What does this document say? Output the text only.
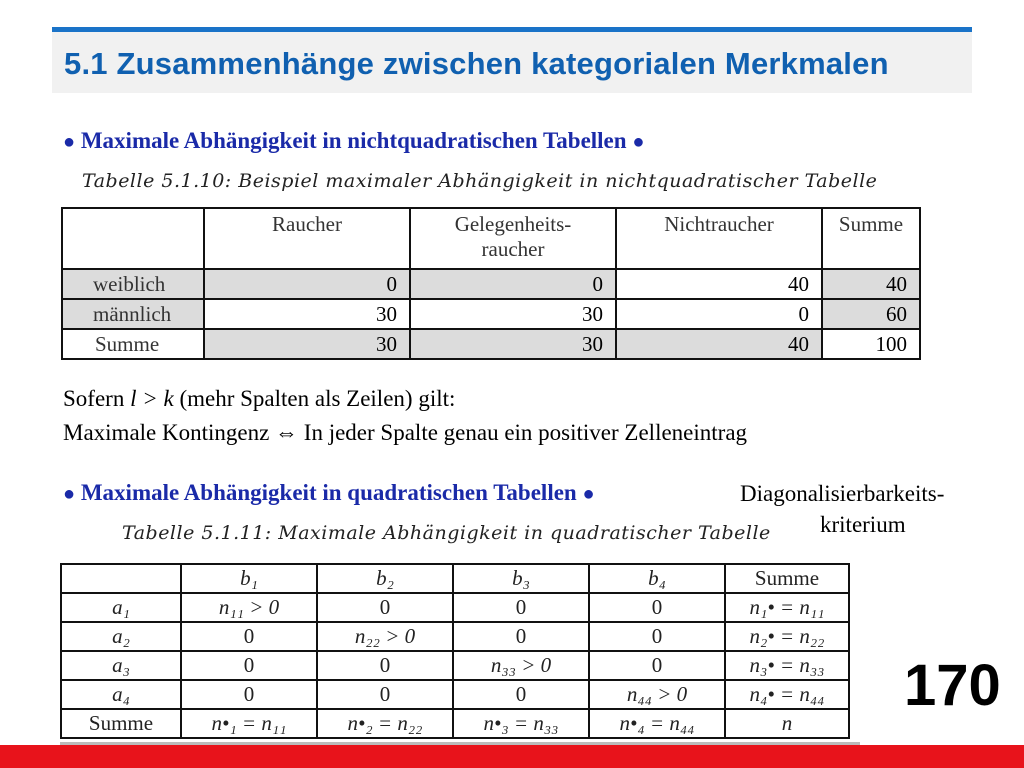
5.1 Zusammenhänge zwischen kategorialen Merkmalen
● Maximale Abhängigkeit in nichtquadratischen Tabellen ●
Tabelle 5.1.10: Beispiel maximaler Abhängigkeit in nichtquadratischer Tabelle
	Raucher	Gelegenheits-
raucher	Nichtraucher	Summe
weiblich	0	0	40	40
männlich	30	30	0	60
Summe	30	30	40	100
Sofern l > k (mehr Spalten als Zeilen) gilt:
Maximale Kontingenz ⇔ In jeder Spalte genau ein positiver Zelleneintrag
● Maximale Abhängigkeit in quadratischen Tabellen ●	Diagonalisierbarkeits-
kriterium
Tabelle 5.1.11: Maximale Abhängigkeit in quadratischer Tabelle
	b₁	b₂	b₃	b₄	Summe
a₁	n₁₁ > 0	0	0	0	n₁• = n₁₁
a₂	0	n₂₂ > 0	0	0	n₂• = n₂₂
a₃	0	0	n₃₃ > 0	0	n₃• = n₃₃
a₄	0	0	0	n₄₄ > 0	n₄• = n₄₄
Summe	n•₁ = n₁₁	n•₂ = n₂₂	n•₃ = n₃₃	n•₄ = n₄₄	n
170
